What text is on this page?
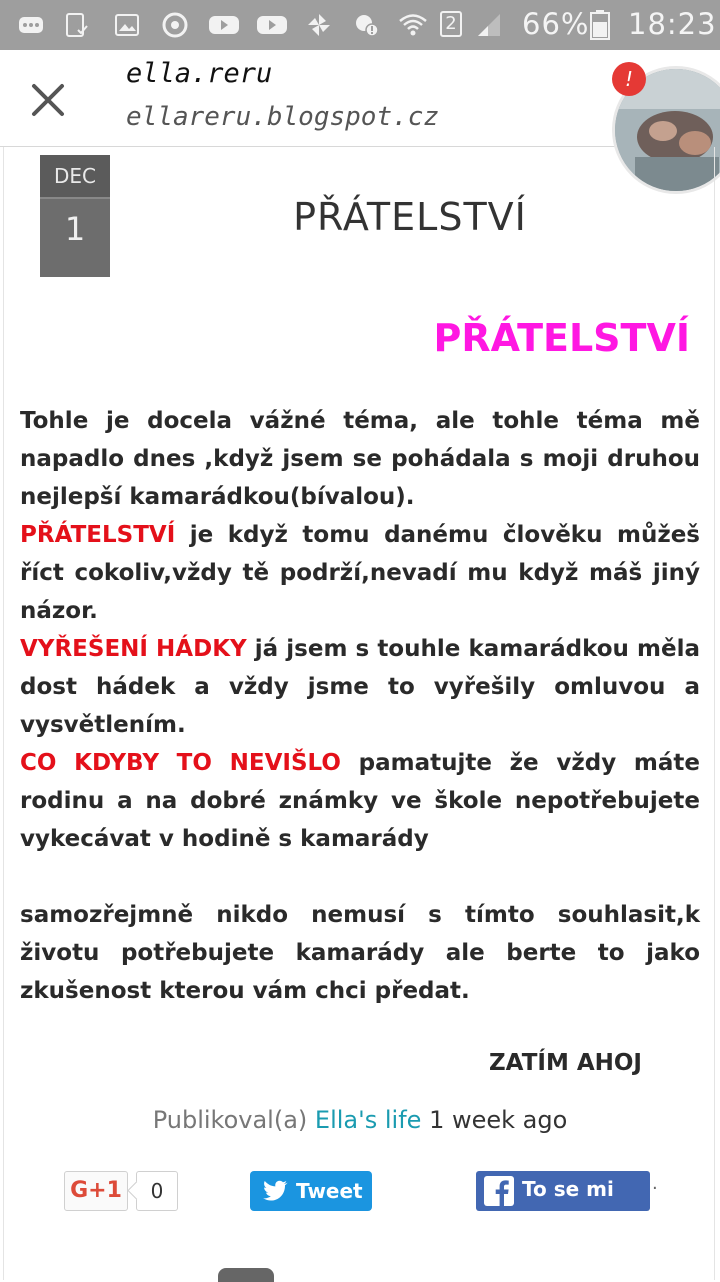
2 66% 18:23
ella.reru
ellareru.blogspot.cz
!
DEC
1	PŘÁTELSTVÍ
PŘÁTELSTVÍ

Tohle je docela vážné téma, ale tohle téma mě napadlo dnes ,když jsem se pohádala s moji druhou nejlepší kamarádkou(bívalou).

PŘÁTELSTVÍ je když tomu danému člověku můžeš říct cokoliv,vždy tě podrží,nevadí mu když máš jiný názor.

VYŘEŠENÍ HÁDKY já jsem s touhle kamarádkou měla dost hádek a vždy jsme to vyřešily omluvou a vysvětlením.

CO KDYBY TO NEVIŠLO pamatujte že vždy máte rodinu a na dobré známky ve škole nepotřebujete vykecávat v hodině s kamarády

samozřejmně nikdo nemusí s tímto souhlasit,k životu potřebujete kamarády ale berte to jako zkušenost kterou vám chci předat.

ZATÍM AHOJ
Publikoval(a) Ella's life 1 week ago
G+1	0	Tweet	To se mi líbí
·
